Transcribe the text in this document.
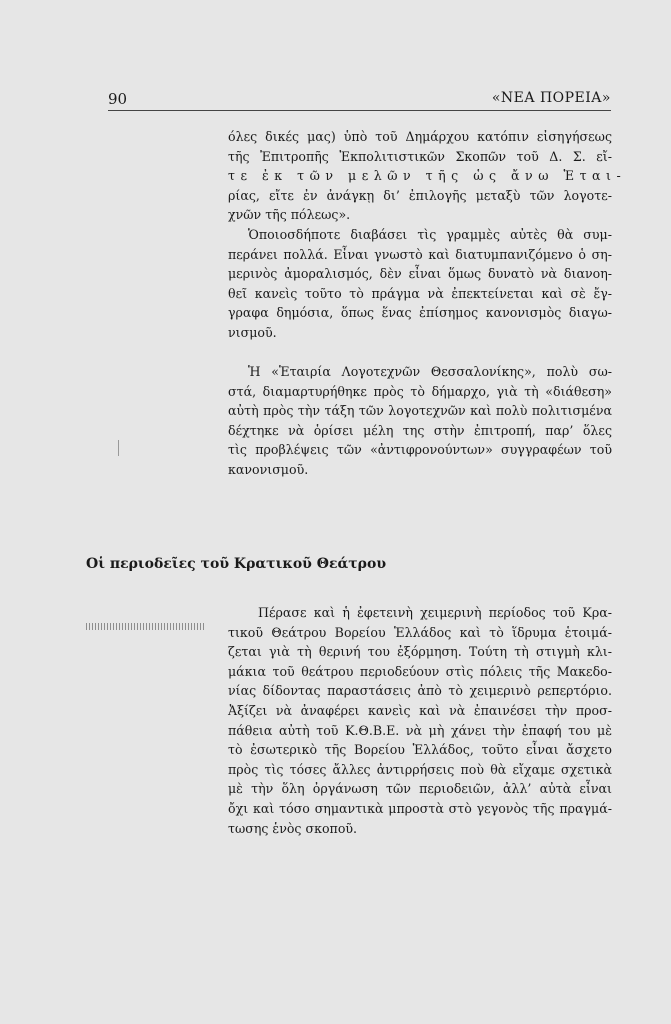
90	«ΝΕΑ ΠΟΡΕΙΑ»
όλες δικές μας) ὑπὸ τοῦ Δημάρχου κατόπιν εἰσηγήσεως
τῆς Ἐπιτροπῆς Ἐκπολιτιστικῶν Σκοπῶν τοῦ Δ. Σ. εἴ-
τε ἐκ τῶν μελῶν τῆς ὡς ἄνω Ἑται-
ρίας, εἴτε ἐν ἀνάγκῃ δι’ ἐπιλογῆς μεταξὺ τῶν λογοτε-
χνῶν τῆς πόλεως».
Ὁποιοσδήποτε διαβάσει τὶς γραμμὲς αὐτὲς θὰ συμ-
περάνει πολλά. Εἶναι γνωστὸ καὶ διατυμπανιζόμενο ὁ ση-
μερινὸς ἀμοραλισμός, δὲν εἶναι ὅμως δυνατὸ νὰ διανοη-
θεῖ κανεὶς τοῦτο τὸ πράγμα νὰ ἐπεκτείνεται καὶ σὲ ἔγ-
γραφα δημόσια, ὅπως ἕνας ἐπίσημος κανονισμὸς διαγω-
νισμοῦ.
Ἡ «Ἑταιρία Λογοτεχνῶν Θεσσαλονίκης», πολὺ σω-
στά, διαμαρτυρήθηκε πρὸς τὸ δήμαρχο, γιὰ τὴ «διάθεση»
αὐτὴ πρὸς τὴν τάξη τῶν λογοτεχνῶν καὶ πολὺ πολιτισμένα
δέχτηκε νὰ ὁρίσει μέλη της στὴν ἐπιτροπή, παρ’ ὅλες
τὶς προβλέψεις τῶν «ἀντιφρονούντων» συγγραφέων τοῦ
κανονισμοῦ.
Οἱ περιοδεῖες τοῦ Κρατικοῦ Θεάτρου
Πέρασε καὶ ἡ ἐφετεινὴ χειμερινὴ περίοδος τοῦ Κρα-
τικοῦ Θεάτρου Βορείου Ἑλλάδος καὶ τὸ ἵδρυμα ἑτοιμά-
ζεται γιὰ τὴ θερινή του ἐξόρμηση. Τούτη τὴ στιγμὴ κλι-
μάκια τοῦ θεάτρου περιοδεύουν στὶς πόλεις τῆς Μακεδο-
νίας δίδοντας παραστάσεις ἀπὸ τὸ χειμερινὸ ρεπερτόριο.
Ἀξίζει νὰ ἀναφέρει κανεὶς καὶ νὰ ἐπαινέσει τὴν προσ-
πάθεια αὐτὴ τοῦ Κ.Θ.Β.Ε. νὰ μὴ χάνει τὴν ἐπαφή του μὲ
τὸ ἐσωτερικὸ τῆς Βορείου Ἑλλάδος, τοῦτο εἶναι ἄσχετο
πρὸς τὶς τόσες ἄλλες ἀντιρρήσεις ποὺ θὰ εἴχαμε σχετικὰ
μὲ τὴν ὅλη ὀργάνωση τῶν περιοδειῶν, ἀλλ’ αὐτὰ εἶναι
ὄχι καὶ τόσο σημαντικὰ μπροστὰ στὸ γεγονὸς τῆς πραγμά-
τωσης ἑνὸς σκοποῦ.
